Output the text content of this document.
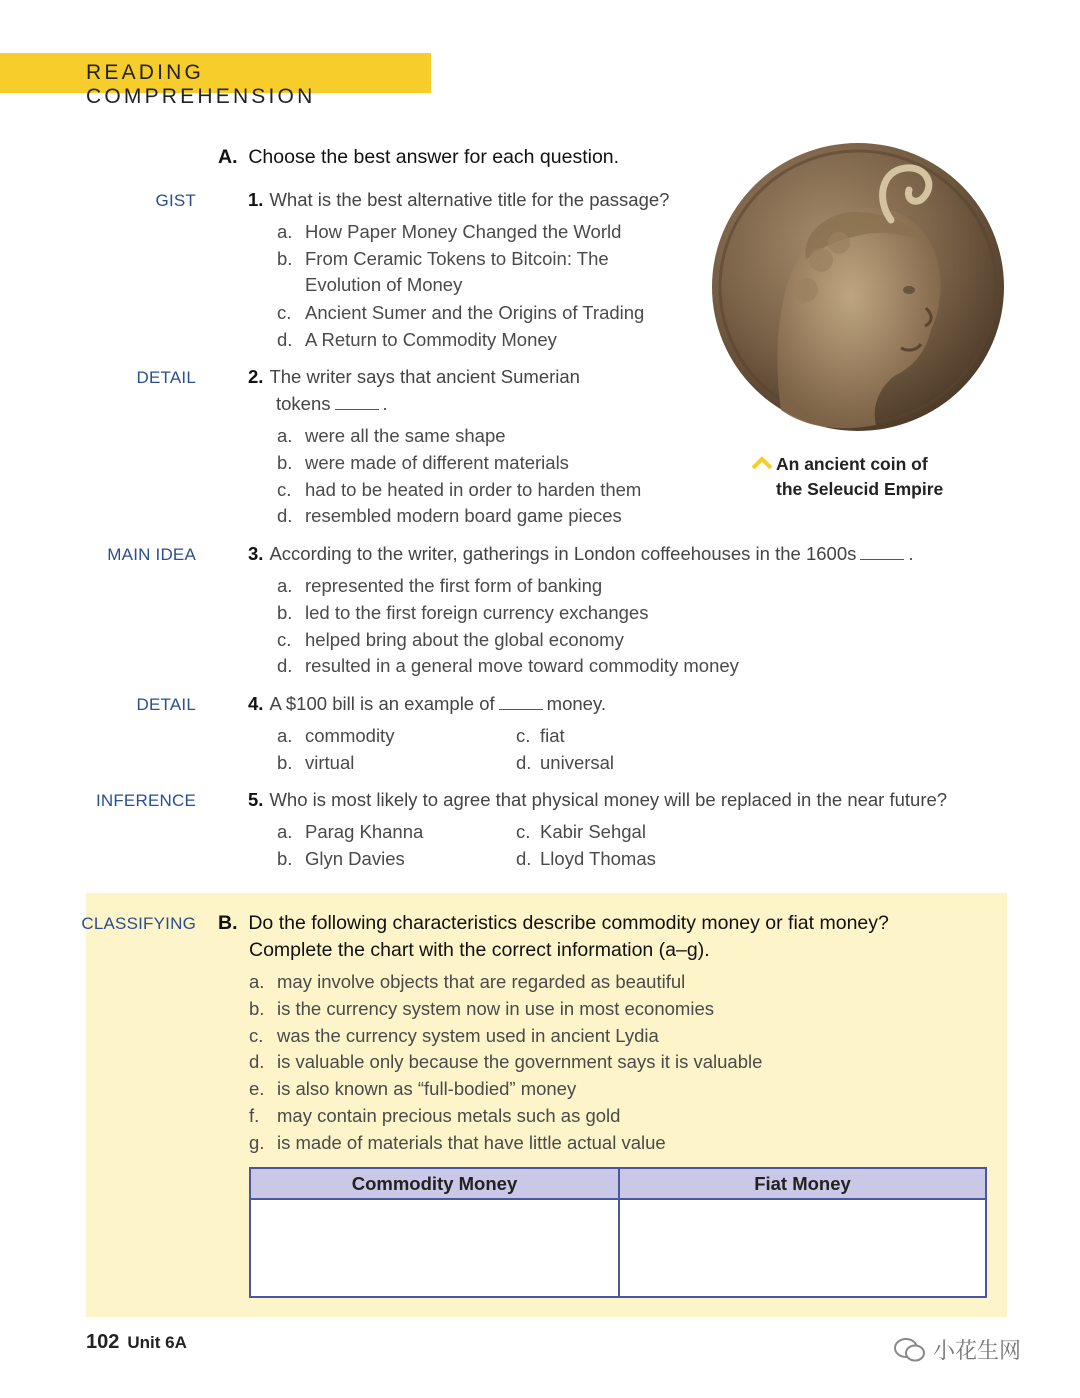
READING COMPREHENSION
A. Choose the best answer for each question.
GIST	1. What is the best alternative title for the passage?
a. How Paper Money Changed the World
b. From Ceramic Tokens to Bitcoin: The
Evolution of Money
c. Ancient Sumer and the Origins of Trading
d. A Return to Commodity Money
DETAIL	2. The writer says that ancient Sumerian
tokens	.
a. were all the same shape
b. were made of different materials
c. had to be heated in order to harden them
d. resembled modern board game pieces
An ancient coin of
the Seleucid Empire
MAIN IDEA	3. According to the writer, gatherings in London coffeehouses in the 1600s	.
a. represented the first form of banking
b. led to the first foreign currency exchanges
c. helped bring about the global economy
d. resulted in a general move toward commodity money
DETAIL	4. A $100 bill is an example of	money.
a. commodity	c. fiat
b. virtual	d. universal
INFERENCE	5. Who is most likely to agree that physical money will be replaced in the near future?
a. Parag Khanna	c. Kabir Sehgal
b. Glyn Davies	d. Lloyd Thomas
CLASSIFYING B. Do the following characteristics describe commodity money or fiat money?
Complete the chart with the correct information (a–g).
a. may involve objects that are regarded as beautiful
b. is the currency system now in use in most economies
c. was the currency system used in ancient Lydia
d. is valuable only because the government says it is valuable
e. is also known as “full-bodied” money
f. may contain precious metals such as gold
g. is made of materials that have little actual value
Commodity Money	Fiat Money
102 Unit 6A	小花生网
